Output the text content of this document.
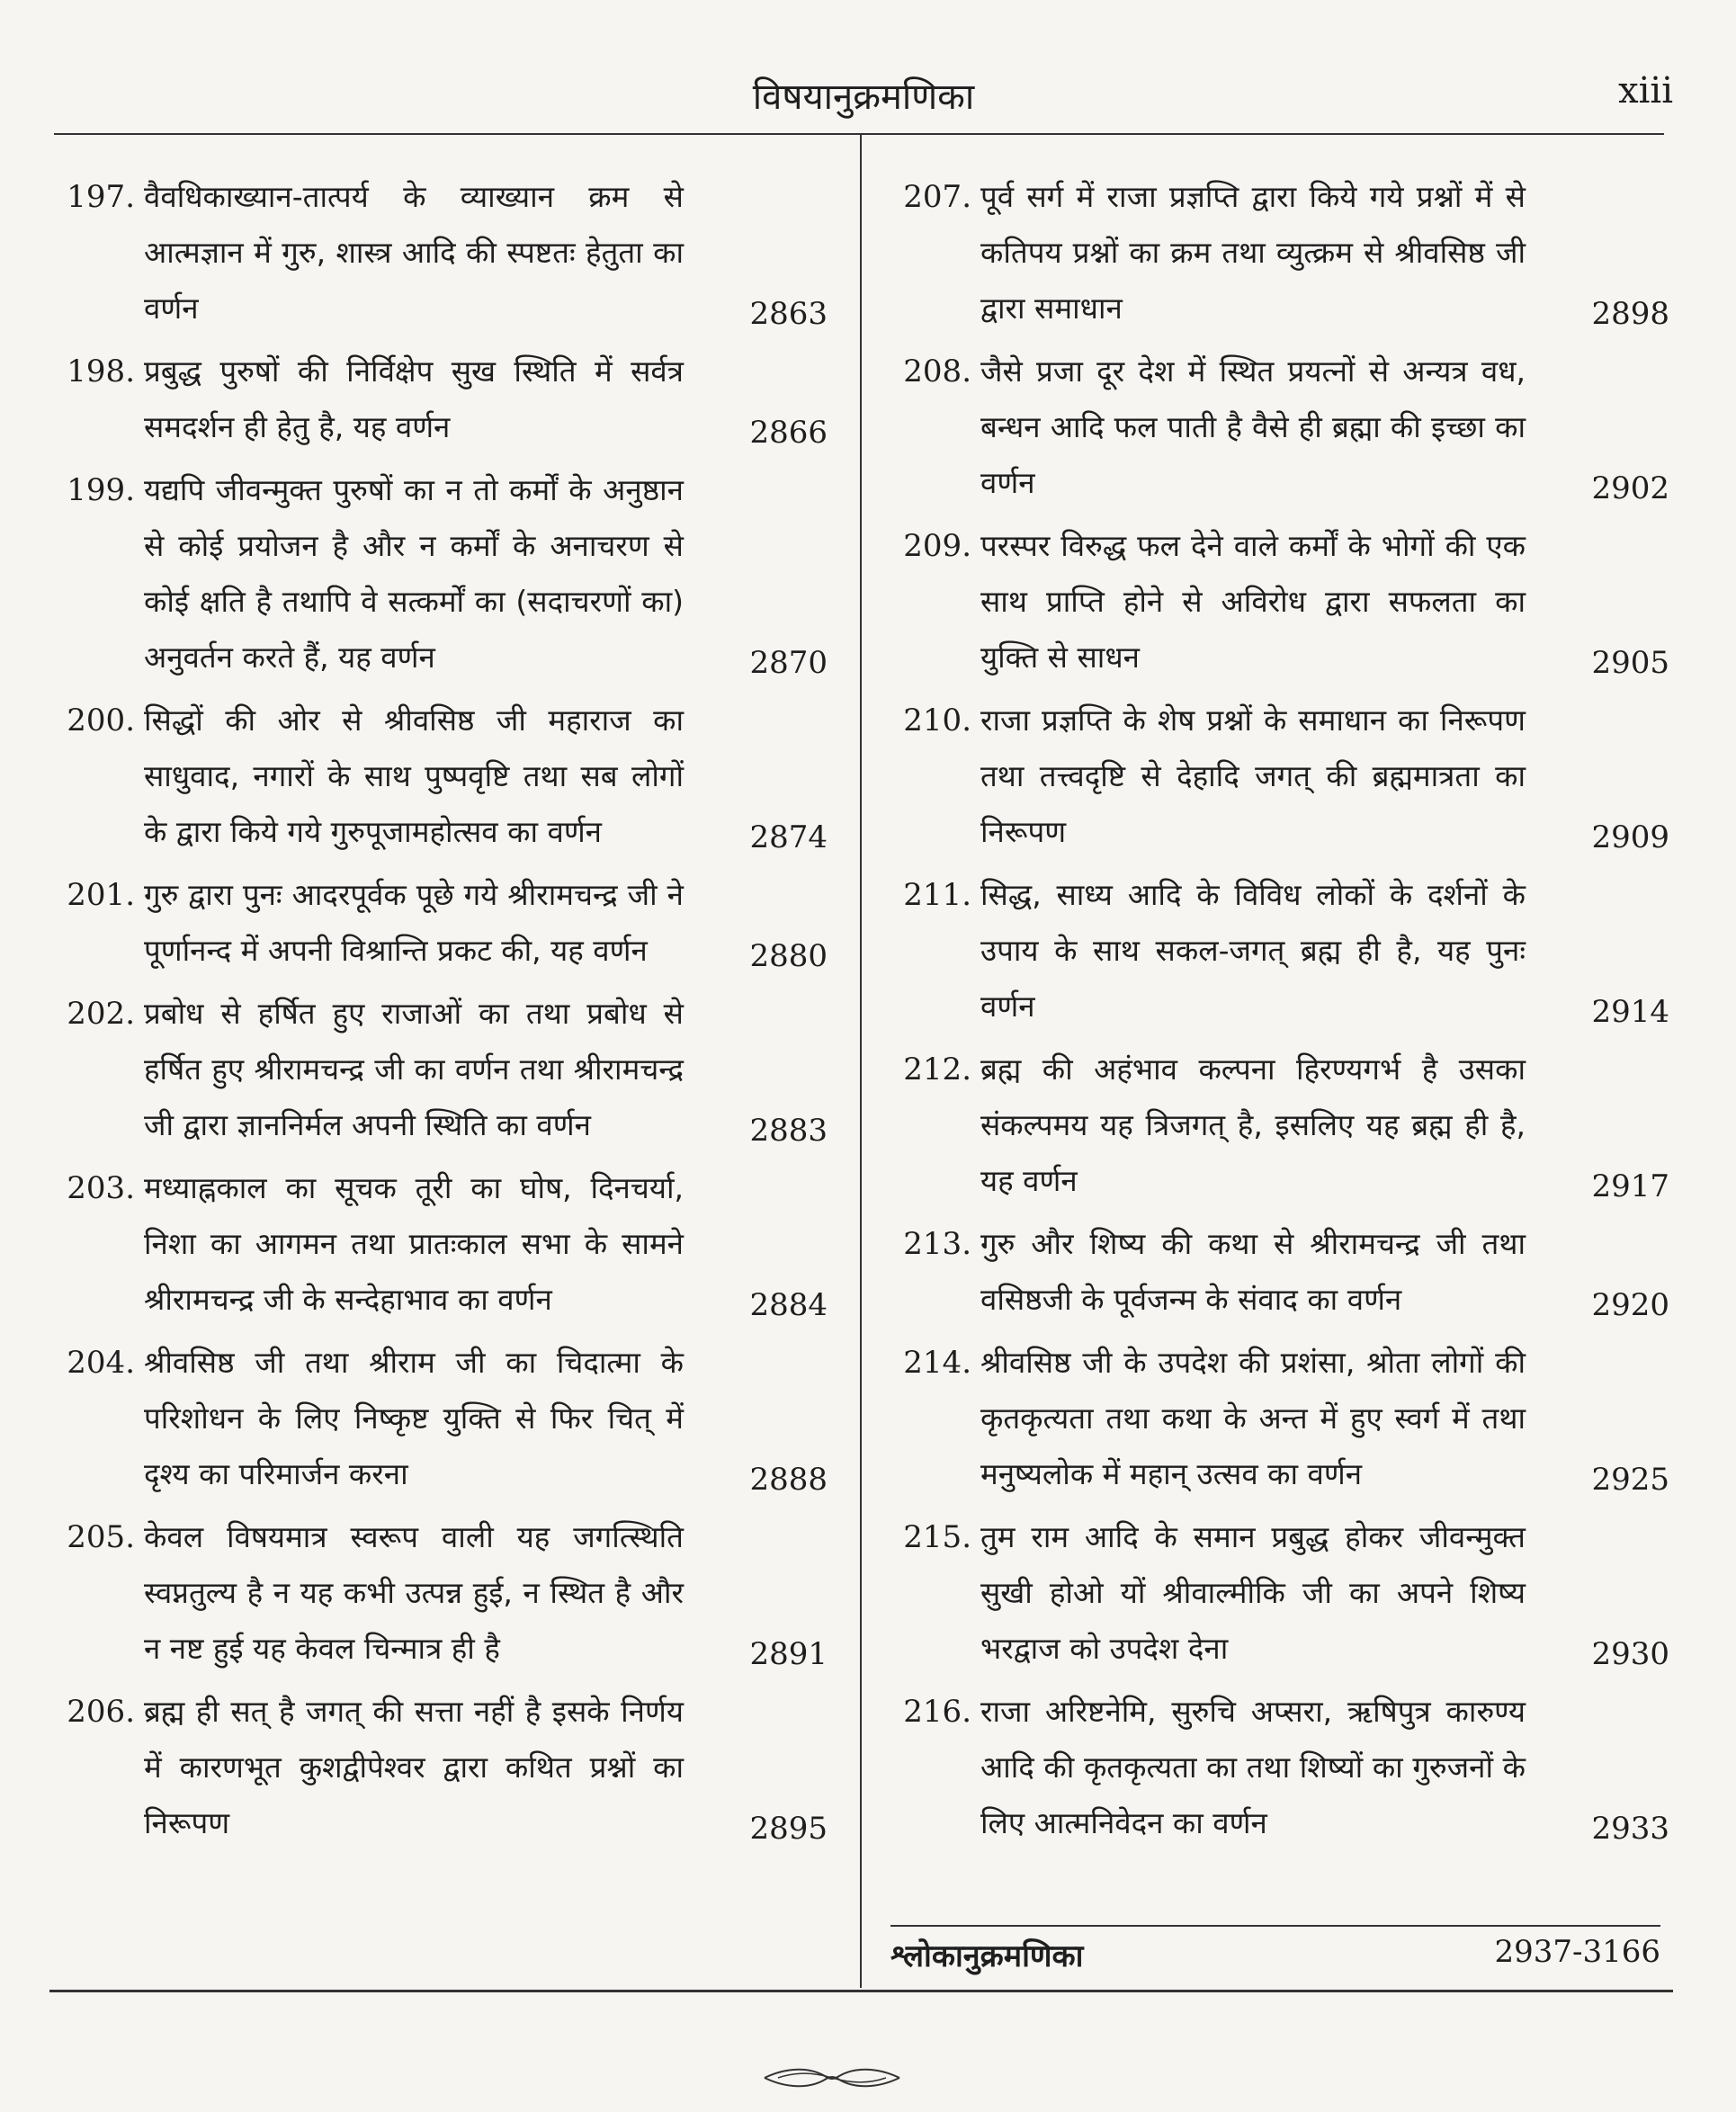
विषयानुक्रमणिका	xiii
197. वैवधिकाख्यान-तात्पर्य के व्याख्यान क्रम से आत्मज्ञान में गुरु, शास्त्र आदि की स्पष्टतः हेतुता का वर्णन	2863
198. प्रबुद्ध पुरुषों की निर्विक्षेप सुख स्थिति में सर्वत्र समदर्शन ही हेतु है, यह वर्णन	2866
199. यद्यपि जीवन्मुक्त पुरुषों का न तो कर्मों के अनुष्ठान से कोई प्रयोजन है और न कर्मों के अनाचरण से कोई क्षति है तथापि वे सत्कर्मों का (सदाचरणों का) अनुवर्तन करते हैं, यह वर्णन	2870
200. सिद्धों की ओर से श्रीवसिष्ठ जी महाराज का साधुवाद, नगारों के साथ पुष्पवृष्टि तथा सब लोगों के द्वारा किये गये गुरुपूजामहोत्सव का वर्णन	2874
201. गुरु द्वारा पुनः आदरपूर्वक पूछे गये श्रीरामचन्द्र जी ने पूर्णानन्द में अपनी विश्रान्ति प्रकट की, यह वर्णन	2880
202. प्रबोध से हर्षित हुए राजाओं का तथा प्रबोध से हर्षित हुए श्रीरामचन्द्र जी का वर्णन तथा श्रीरामचन्द्र जी द्वारा ज्ञाननिर्मल अपनी स्थिति का वर्णन	2883
203. मध्याह्नकाल का सूचक तूरी का घोष, दिनचर्या, निशा का आगमन तथा प्रातःकाल सभा के सामने श्रीरामचन्द्र जी के सन्देहाभाव का वर्णन	2884
204. श्रीवसिष्ठ जी तथा श्रीराम जी का चिदात्मा के परिशोधन के लिए निष्कृष्ट युक्ति से फिर चित् में दृश्य का परिमार्जन करना	2888
205. केवल विषयमात्र स्वरूप वाली यह जगत्स्थिति स्वप्नतुल्य है न यह कभी उत्पन्न हुई, न स्थित है और न नष्ट हुई यह केवल चिन्मात्र ही है	2891
206. ब्रह्म ही सत् है जगत् की सत्ता नहीं है इसके निर्णय में कारणभूत कुशद्वीपेश्वर द्वारा कथित प्रश्नों का निरूपण	2895
207. पूर्व सर्ग में राजा प्रज्ञप्ति द्वारा किये गये प्रश्नों में से कतिपय प्रश्नों का क्रम तथा व्युत्क्रम से श्रीवसिष्ठ जी द्वारा समाधान	2898
208. जैसे प्रजा दूर देश में स्थित प्रयत्नों से अन्यत्र वध, बन्धन आदि फल पाती है वैसे ही ब्रह्मा की इच्छा का वर्णन	2902
209. परस्पर विरुद्ध फल देने वाले कर्मों के भोगों की एक साथ प्राप्ति होने से अविरोध द्वारा सफलता का युक्ति से साधन	2905
210. राजा प्रज्ञप्ति के शेष प्रश्नों के समाधान का निरूपण तथा तत्त्वदृष्टि से देहादि जगत् की ब्रह्ममात्रता का निरूपण	2909
211. सिद्ध, साध्य आदि के विविध लोकों के दर्शनों के उपाय के साथ सकल-जगत् ब्रह्म ही है, यह पुनः वर्णन	2914
212. ब्रह्म की अहंभाव कल्पना हिरण्यगर्भ है उसका संकल्पमय यह त्रिजगत् है, इसलिए यह ब्रह्म ही है, यह वर्णन	2917
213. गुरु और शिष्य की कथा से श्रीरामचन्द्र जी तथा वसिष्ठजी के पूर्वजन्म के संवाद का वर्णन	2920
214. श्रीवसिष्ठ जी के उपदेश की प्रशंसा, श्रोता लोगों की कृतकृत्यता तथा कथा के अन्त में हुए स्वर्ग में तथा मनुष्यलोक में महान् उत्सव का वर्णन	2925
215. तुम राम आदि के समान प्रबुद्ध होकर जीवन्मुक्त सुखी होओ यों श्रीवाल्मीकि जी का अपने शिष्य भरद्वाज को उपदेश देना	2930
216. राजा अरिष्टनेमि, सुरुचि अप्सरा, ऋषिपुत्र कारुण्य आदि की कृतकृत्यता का तथा शिष्यों का गुरुजनों के लिए आत्मनिवेदन का वर्णन	2933
श्लोकानुक्रमणिका	2937-3166
